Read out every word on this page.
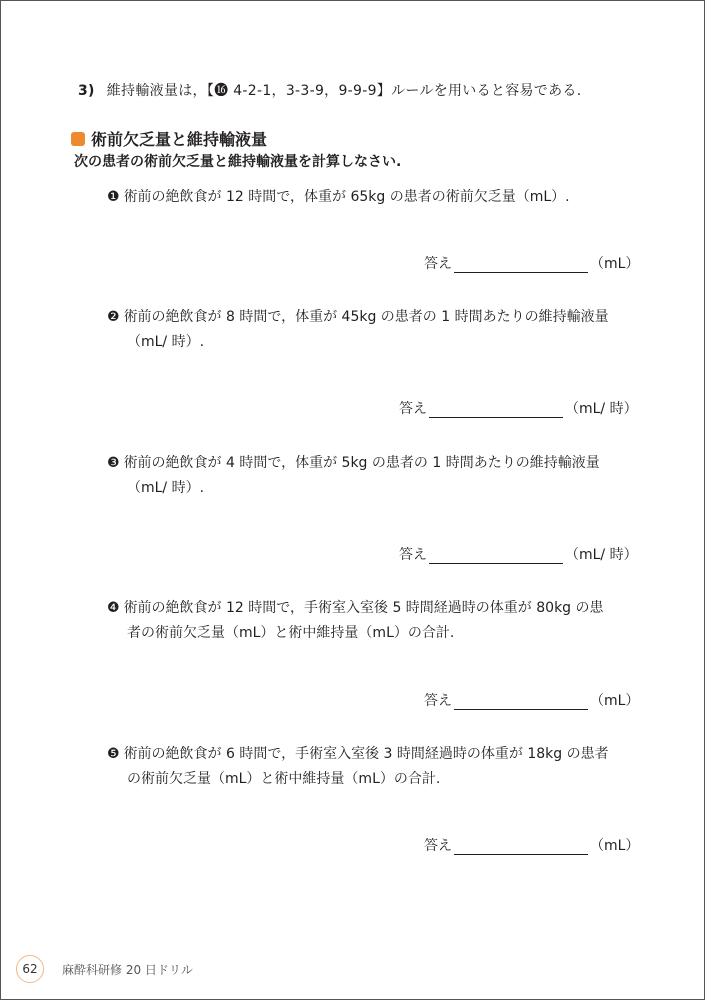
3) 維持輸液量は，【⓰ 4-2-1，3-3-9，9-9-9】ルールを用いると容易である.
術前欠乏量と維持輸液量
次の患者の術前欠乏量と維持輸液量を計算しなさい.
❶ 術前の絶飲食が 12 時間で，体重が 65kg の患者の術前欠乏量（mL）.
答え	（mL）
❷ 術前の絶飲食が 8 時間で，体重が 45kg の患者の 1 時間あたりの維持輸液量
（mL/ 時）.
答え	（mL/ 時）
❸ 術前の絶飲食が 4 時間で，体重が 5kg の患者の 1 時間あたりの維持輸液量
（mL/ 時）.
答え	（mL/ 時）
❹ 術前の絶飲食が 12 時間で，手術室入室後 5 時間経過時の体重が 80kg の患
者の術前欠乏量（mL）と術中維持量（mL）の合計.
答え	（mL）
❺ 術前の絶飲食が 6 時間で，手術室入室後 3 時間経過時の体重が 18kg の患者
の術前欠乏量（mL）と術中維持量（mL）の合計.
答え	（mL）
62	麻酔科研修 20 日ドリル
